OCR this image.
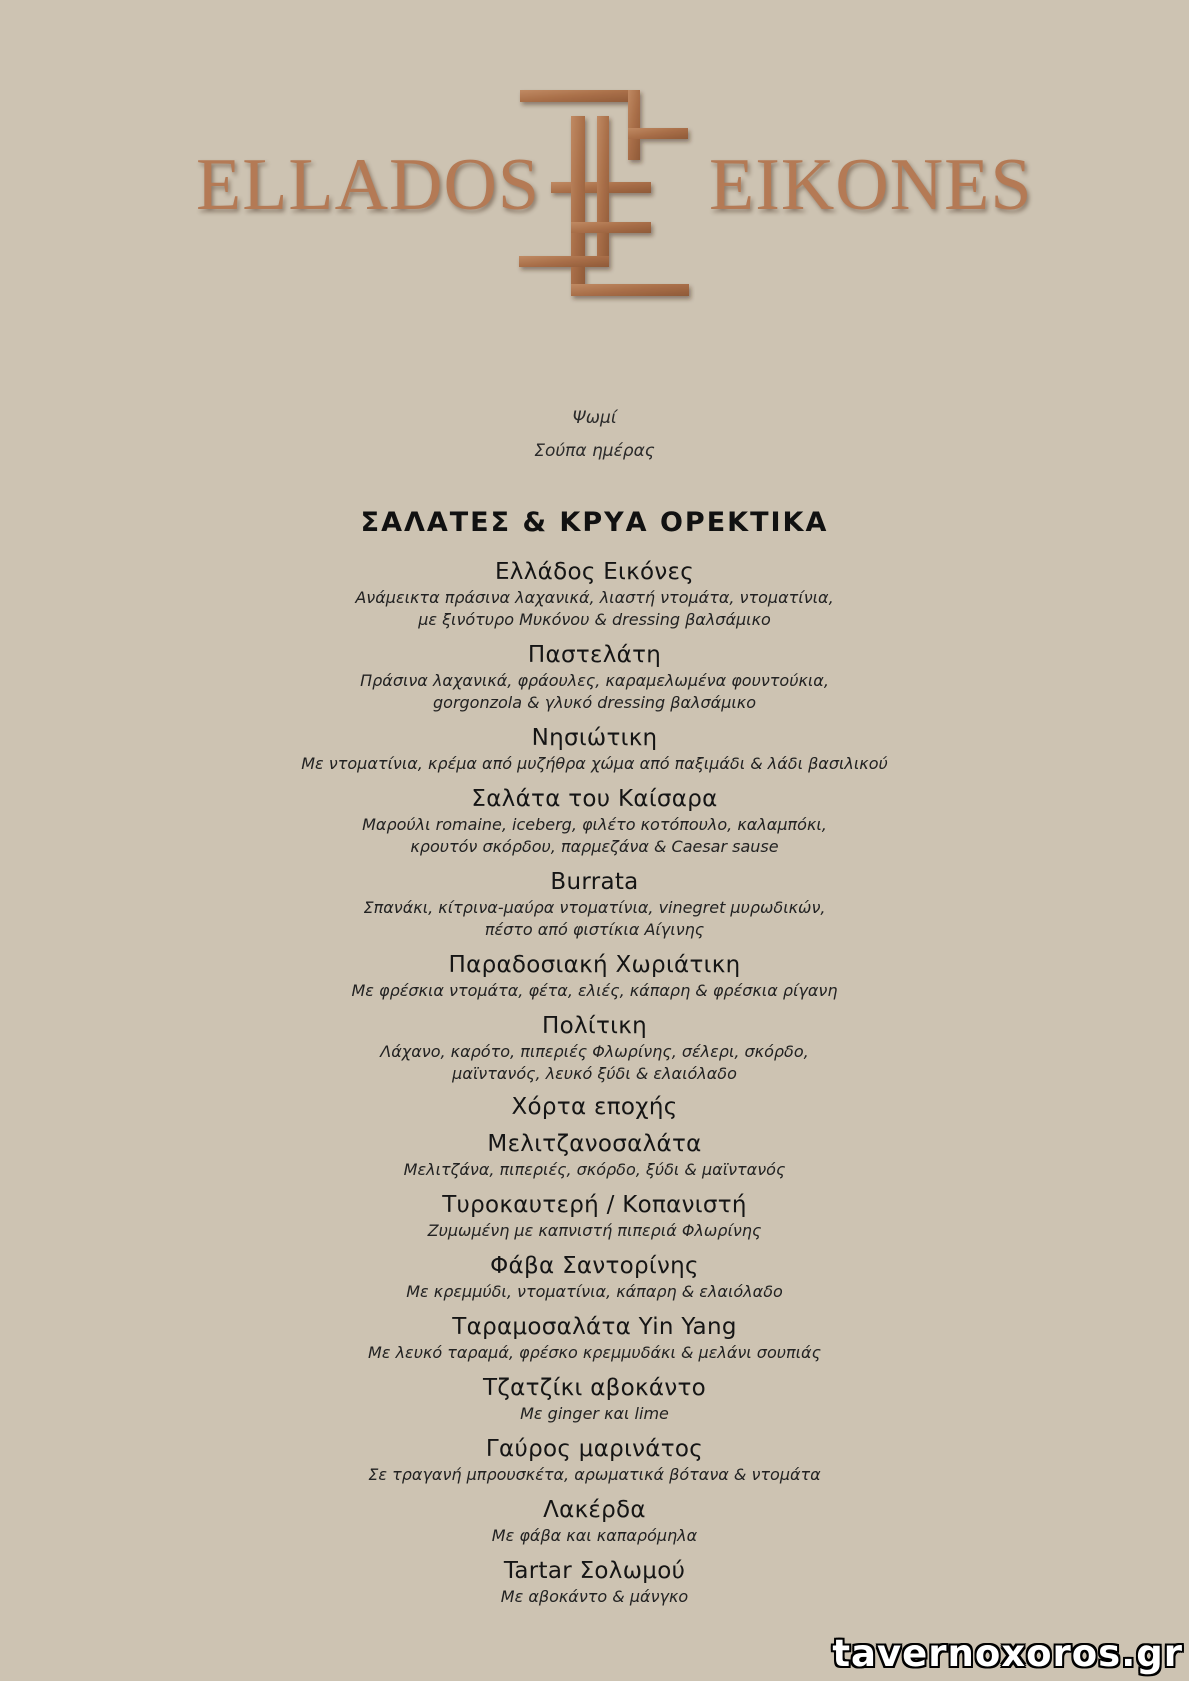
ELLADOS EIKONES
Ψωμί
Σούπα ημέρας
ΣΑΛΑΤΕΣ & ΚΡΥΑ ΟΡΕΚΤΙΚΑ
Ελλάδος Εικόνες
Ανάμεικτα πράσινα λαχανικά, λιαστή ντομάτα, ντοματίνια,
με ξινότυρο Μυκόνου & dressing βαλσάμικο
Παστελάτη
Πράσινα λαχανικά, φράουλες, καραμελωμένα φουντούκια,
gorgonzola & γλυκό dressing βαλσάμικο
Νησιώτικη
Με ντοματίνια, κρέμα από μυζήθρα χώμα από παξιμάδι & λάδι βασιλικού
Σαλάτα του Καίσαρα
Μαρούλι romaine, iceberg, φιλέτο κοτόπουλο, καλαμπόκι,
κρουτόν σκόρδου, παρμεζάνα & Caesar sause
Burrata
Σπανάκι, κίτρινα-μαύρα ντοματίνια, vinegret μυρωδικών,
πέστο από φιστίκια Αίγινης
Παραδοσιακή Χωριάτικη
Με φρέσκια ντομάτα, φέτα, ελιές, κάπαρη & φρέσκια ρίγανη
Πολίτικη
Λάχανο, καρότο, πιπεριές Φλωρίνης, σέλερι, σκόρδο,
μαϊντανός, λευκό ξύδι & ελαιόλαδο
Χόρτα εποχής
Μελιτζανοσαλάτα
Μελιτζάνα, πιπεριές, σκόρδο, ξύδι & μαϊντανός
Τυροκαυτερή / Κοπανιστή
Ζυμωμένη με καπνιστή πιπεριά Φλωρίνης
Φάβα Σαντορίνης
Με κρεμμύδι, ντοματίνια, κάπαρη & ελαιόλαδο
Ταραμοσαλάτα Yin Yang
Με λευκό ταραμά, φρέσκο κρεμμυδάκι & μελάνι σουπιάς
Τζατζίκι αβοκάντο
Με ginger και lime
Γαύρος μαρινάτος
Σε τραγανή μπρουσκέτα, αρωματικά βότανα & ντομάτα
Λακέρδα
Με φάβα και καπαρόμηλα
Tartar Σολωμού
Με αβοκάντο & μάνγκο
tavernoxoros.gr
